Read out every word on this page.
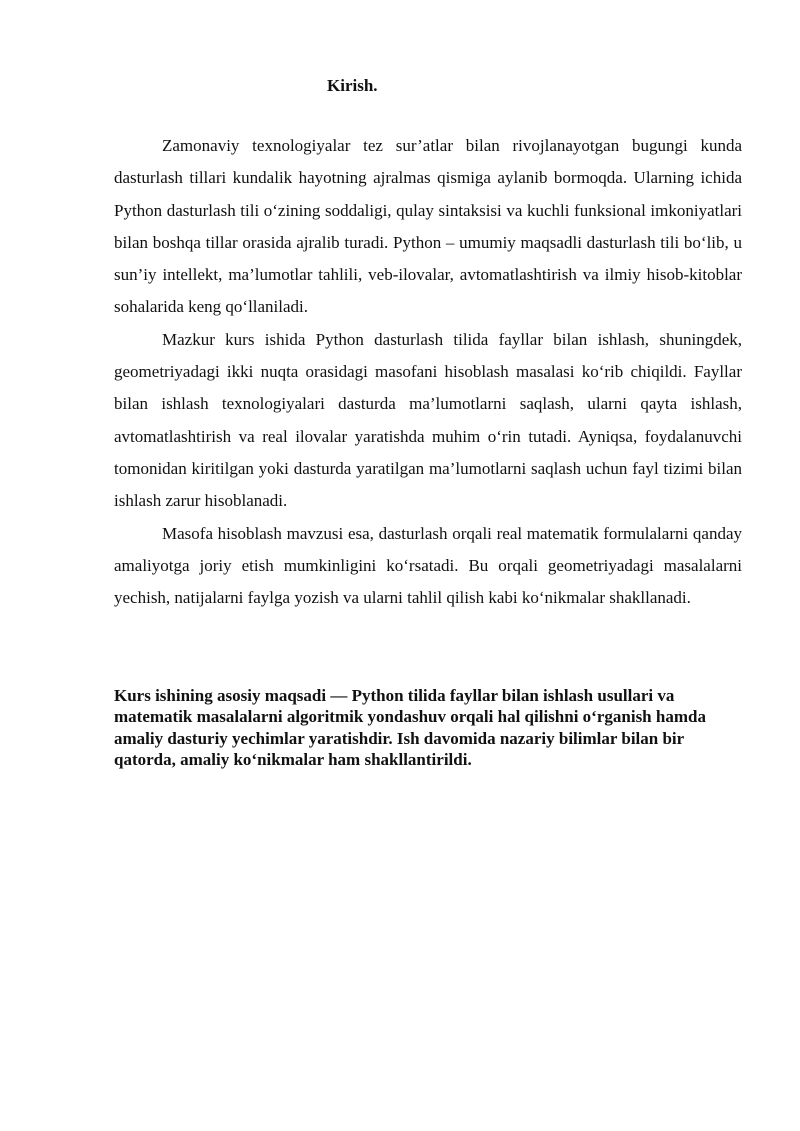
Kirish.

Zamonaviy texnologiyalar tez sur’atlar bilan rivojlanayotgan bugungi kunda dasturlash tillari kundalik hayotning ajralmas qismiga aylanib bormoqda. Ularning ichida Python dasturlash tili o‘zining soddaligi, qulay sintaksisi va kuchli funksional imkoniyatlari bilan boshqa tillar orasida ajralib turadi. Python – umumiy maqsadli dasturlash tili bo‘lib, u sun’iy intellekt, ma’lumotlar tahlili, veb-ilovalar, avtomatlashtirish va ilmiy hisob-kitoblar sohalarida keng qo‘llaniladi.

Mazkur kurs ishida Python dasturlash tilida fayllar bilan ishlash, shuningdek, geometriyadagi ikki nuqta orasidagi masofani hisoblash masalasi ko‘rib chiqildi. Fayllar bilan ishlash texnologiyalari dasturda ma’lumotlarni saqlash, ularni qayta ishlash, avtomatlashtirish va real ilovalar yaratishda muhim o‘rin tutadi. Ayniqsa, foydalanuvchi tomonidan kiritilgan yoki dasturda yaratilgan ma’lumotlarni saqlash uchun fayl tizimi bilan ishlash zarur hisoblanadi.

Masofa hisoblash mavzusi esa, dasturlash orqali real matematik formulalarni qanday amaliyotga joriy etish mumkinligini ko‘rsatadi. Bu orqali geometriyadagi masalalarni yechish, natijalarni faylga yozish va ularni tahlil qilish kabi ko‘nikmalar shakllanadi.

Kurs ishining asosiy maqsadi — Python tilida fayllar bilan ishlash usullari va matematik masalalarni algoritmik yondashuv orqali hal qilishni o‘rganish hamda amaliy dasturiy yechimlar yaratishdir. Ish davomida nazariy bilimlar bilan bir qatorda, amaliy ko‘nikmalar ham shakllantirildi.
